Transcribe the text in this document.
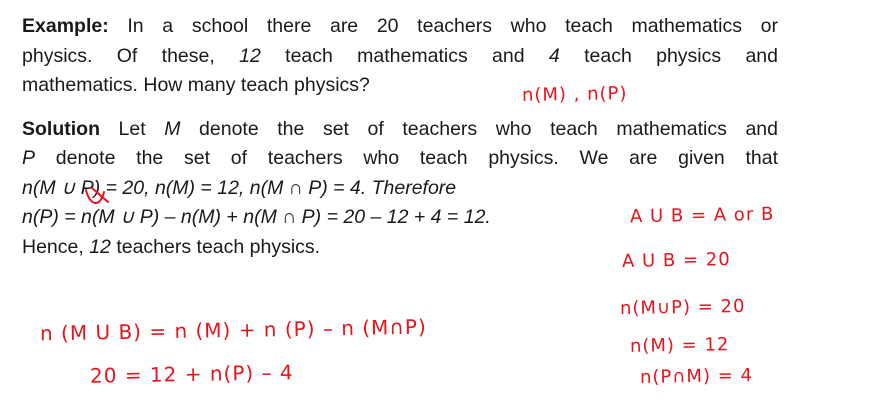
Example: In a school there are 20 teachers who teach mathematics or
physics. Of these, 12 teach mathematics and 4 teach physics and
mathematics. How many teach physics?

Solution Let M denote the set of teachers who teach mathematics and
P denote the set of teachers who teach physics. We are given that
n(M ∪ P) = 20, n(M) = 12, n(M ∩ P) = 4. Therefore
n(P) = n(M ∪ P) – n(M) + n(M ∩ P) = 20 – 12 + 4 = 12.
Hence, 12 teachers teach physics.

n(M) , n(P)
A U B = A or B
A U B = 20
n(M∪P) = 20
n(M) = 12
n(P∩M) = 4
n (M U B) = n (M) + n (P) – n (M∩P)
20 = 12 + n(P) – 4
